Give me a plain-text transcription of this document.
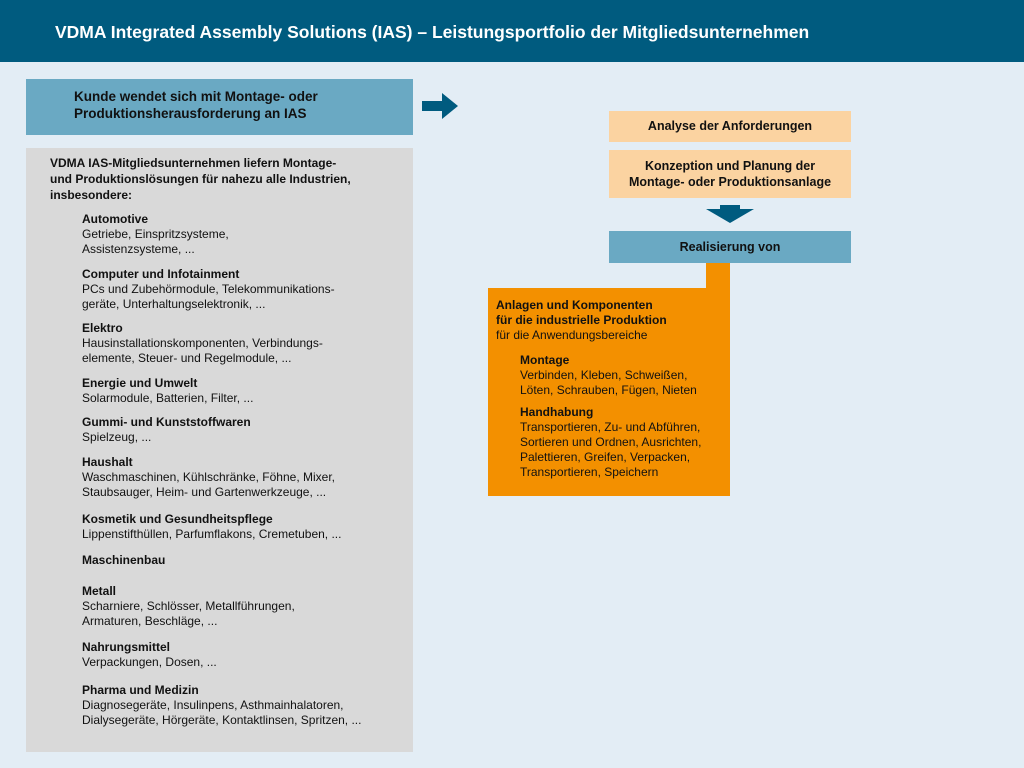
VDMA Integrated Assembly Solutions (IAS) – Leistungsportfolio der Mitgliedsunternehmen
Kunde wendet sich mit Montage- oder
Produktionsherausforderung an IAS
VDMA IAS-Mitgliedsunternehmen liefern Montage-
und Produktionslösungen für nahezu alle Industrien,
insbesondere:
Automotive
Getriebe, Einspritzsysteme,
Assistenzsysteme, ...
Computer und Infotainment
PCs und Zubehörmodule, Telekommunikations-
geräte, Unterhaltungselektronik, ...
Elektro
Hausinstallationskomponenten, Verbindungs-
elemente, Steuer- und Regelmodule, ...
Energie und Umwelt
Solarmodule, Batterien, Filter, ...
Gummi- und Kunststoffwaren
Spielzeug, ...
Haushalt
Waschmaschinen, Kühlschränke, Föhne, Mixer,
Staubsauger, Heim- und Gartenwerkzeuge, ...
Kosmetik und Gesundheitspflege
Lippenstifthüllen, Parfumflakons, Cremetuben, ...
Maschinenbau
Metall
Scharniere, Schlösser, Metallführungen,
Armaturen, Beschläge, ...
Nahrungsmittel
Verpackungen, Dosen, ...
Pharma und Medizin
Diagnosegeräte, Insulinpens, Asthmainhalatoren,
Dialysegeräte, Hörgeräte, Kontaktlinsen, Spritzen, ...
Analyse der Anforderungen
Konzeption und Planung der
Montage- oder Produktionsanlage
Realisierung von
Anlagen und Komponenten
für die industrielle Produktion
für die Anwendungsbereiche
Montage
Verbinden, Kleben, Schweißen,
Löten, Schrauben, Fügen, Nieten
Handhabung
Transportieren, Zu- und Abführen,
Sortieren und Ordnen, Ausrichten,
Palettieren, Greifen, Verpacken,
Transportieren, Speichern
